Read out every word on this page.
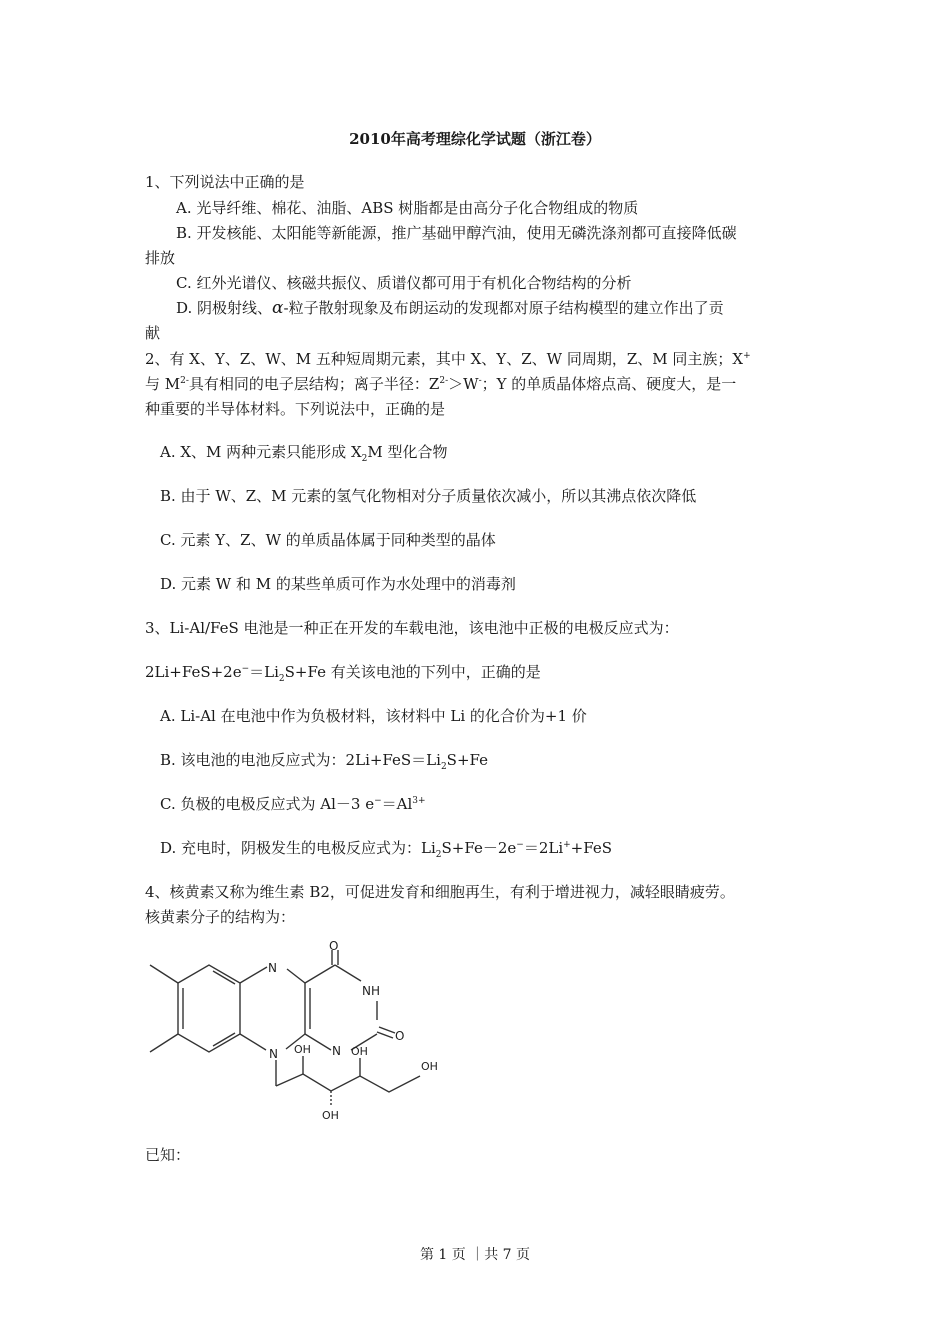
2010年高考理综化学试题（浙江卷）
1、下列说法中正确的是
A. 光导纤维、棉花、油脂、ABS 树脂都是由高分子化合物组成的物质
B. 开发核能、太阳能等新能源，推广基础甲醇汽油，使用无磷洗涤剂都可直接降低碳
排放
C. 红外光谱仪、核磁共振仪、质谱仪都可用于有机化合物结构的分析
D. 阴极射线、α-粒子散射现象及布朗运动的发现都对原子结构模型的建立作出了贡
献
2、有 X、Y、Z、W、M 五种短周期元素，其中 X、Y、Z、W 同周期，Z、M 同主族；X+
与 $M^{2-}$具有相同的电子层结构；离子半径：$Z^{2-}>W^-$；Y 的单质晶体熔点高、硬度大，是一
种重要的半导体材料。下列说法中，正确的是
A. X、M 两种元素只能形成 $X_2M$ 型化合物
B. 由于 W、Z、M 元素的氢气化物相对分子质量依次减小，所以其沸点依次降低
C. 元素 Y、Z、W 的单质晶体属于同种类型的晶体
D. 元素 W 和 M 的某些单质可作为水处理中的消毒剂
3、Li-Al/FeS 电池是一种正在开发的车载电池，该电池中正极的电极反应式为：
$2Li+FeS+2e^-=Li_2S+Fe$ 有关该电池的下列中，正确的是
A. Li-Al 在电池中作为负极材料，该材料中 Li 的化合价为+1 价
B. 该电池的电池反应式为：$2Li+FeS=Li_2S+Fe$
C. 负极的电极反应式为 Al－3 $e^-=Al^{3+}$
D. 充电时，阴极发生的电极反应式为：$Li_2S+Fe-2e^-=2Li^++FeS$
4、核黄素又称为维生素 B2，可促进发育和细胞再生，有利于增进视力，减轻眼睛疲劳。
核黄素分子的结构为：
O
NH
O
N
N
N OH	OH
OH
OH
已知：
第 1 页 ｜共 7 页
